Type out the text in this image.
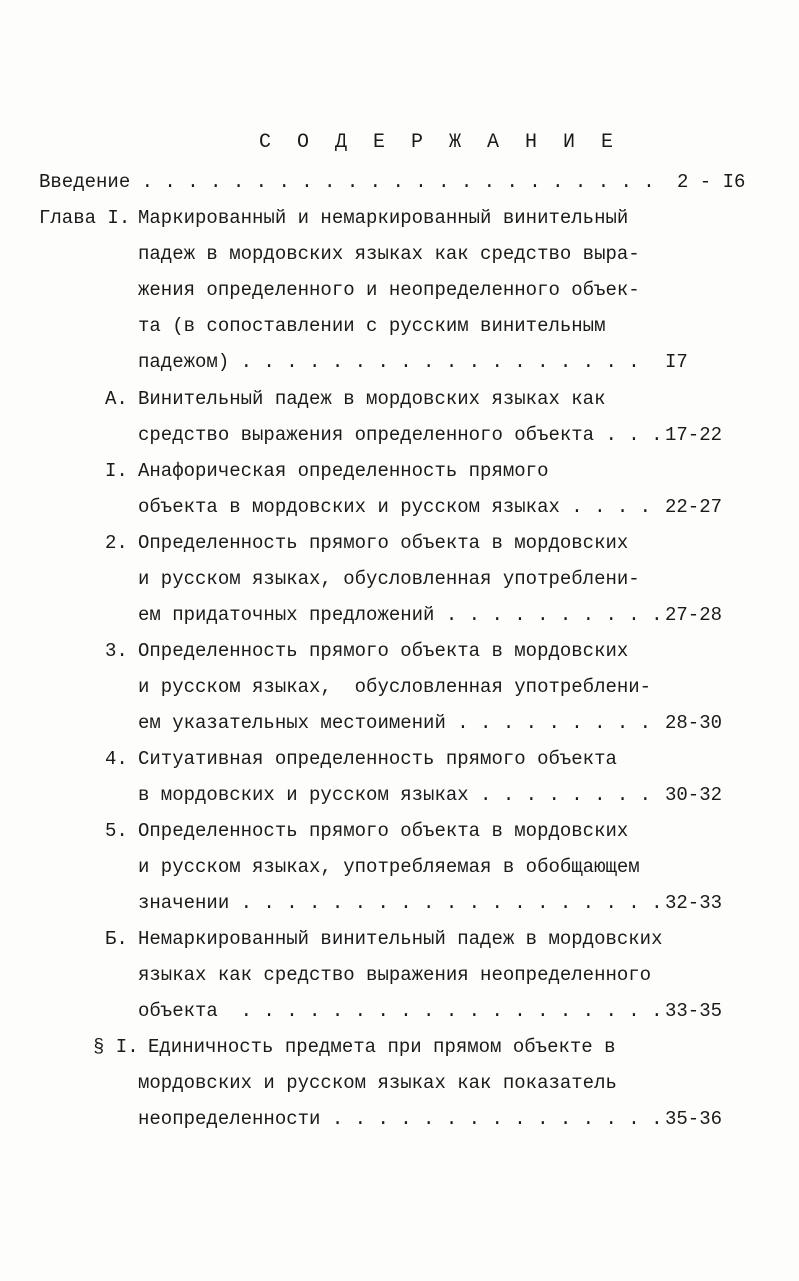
С О Д Е Р Ж А Н И Е
Введение . . . . . . . . . . . . . . . . . . . . . . . 2 - I6
Глава I. Маркированный и немаркированный винительный
падеж в мордовских языках как средство выра-
жения определенного и неопределенного объек-
та (в сопоставлении с русским винительным
падежом) . . . . . . . . . . . . . . . . . . I7
А. Винительный падеж в мордовских языках как
средство выражения определенного объекта . . . 17-22
I. Анафорическая определенность прямого
объекта в мордовских и русском языках . . . . 22-27
2. Определенность прямого объекта в мордовских
и русском языках, обусловленная употреблени-
ем придаточных предложений . . . . . . . . . . 27-28
3. Определенность прямого объекта в мордовских
и русском языках,  обусловленная употреблени-
ем указательных местоимений . . . . . . . . . 28-30
4. Ситуативная определенность прямого объекта
в мордовских и русском языках . . . . . . . . 30-32
5. Определенность прямого объекта в мордовских
и русском языках, употребляемая в обобщающем
значении . . . . . . . . . . . . . . . . . . . 32-33
Б. Немаркированный винительный падеж в мордовских
языках как средство выражения неопределенного
объекта  . . . . . . . . . . . . . . . . . . . 33-35
§ I. Единичность предмета при прямом объекте в
мордовских и русском языках как показатель
неопределенности . . . . . . . . . . . . . . . 35-36
